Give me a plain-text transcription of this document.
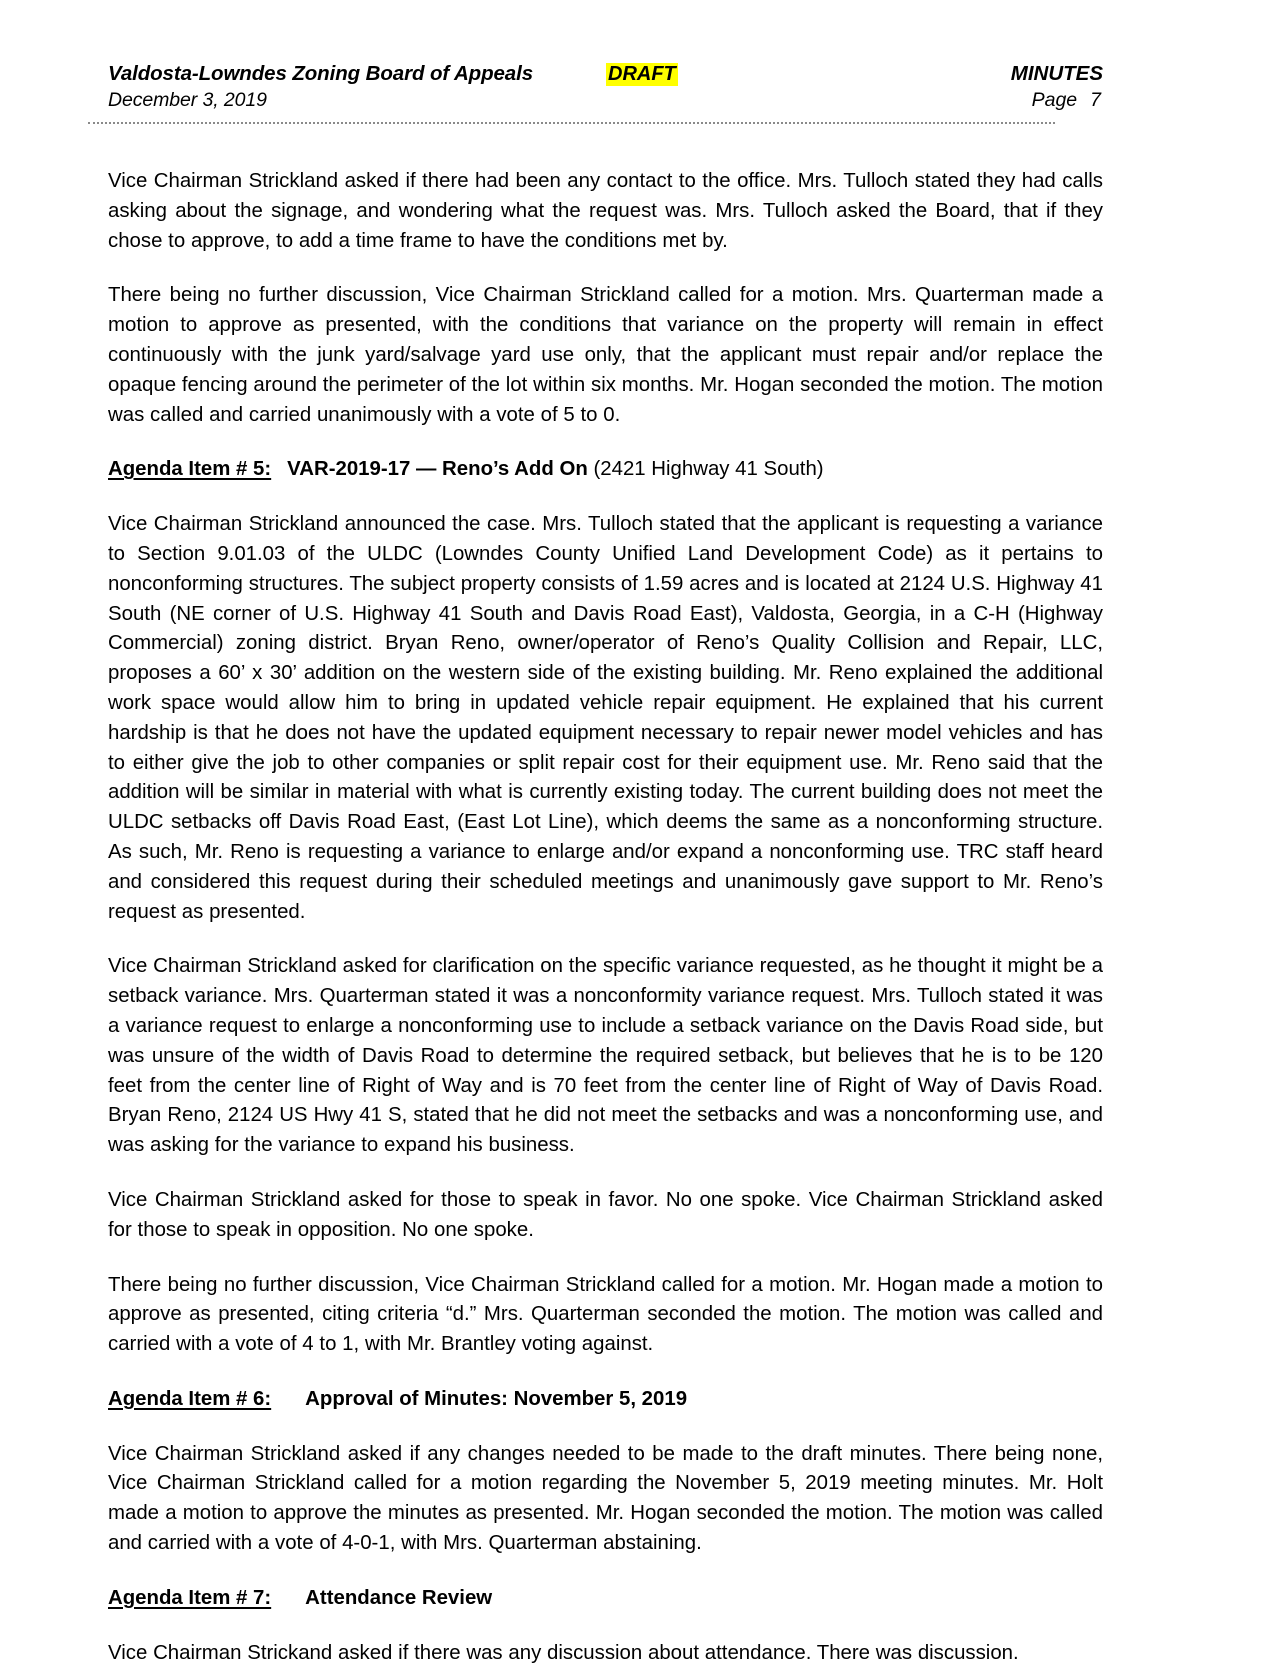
Valdosta-Lowndes Zoning Board of Appeals	DRAFT	MINUTES
December 3, 2019	Page 7

Vice Chairman Strickland asked if there had been any contact to the office. Mrs. Tulloch stated they had calls asking about the signage, and wondering what the request was. Mrs. Tulloch asked the Board, that if they chose to approve, to add a time frame to have the conditions met by.

There being no further discussion, Vice Chairman Strickland called for a motion. Mrs. Quarterman made a motion to approve as presented, with the conditions that variance on the property will remain in effect continuously with the junk yard/salvage yard use only, that the applicant must repair and/or replace the opaque fencing around the perimeter of the lot within six months. Mr. Hogan seconded the motion. The motion was called and carried unanimously with a vote of 5 to 0.

Agenda Item # 5: VAR-2019-17 — Reno’s Add On (2421 Highway 41 South)

Vice Chairman Strickland announced the case. Mrs. Tulloch stated that the applicant is requesting a variance to Section 9.01.03 of the ULDC (Lowndes County Unified Land Development Code) as it pertains to nonconforming structures. The subject property consists of 1.59 acres and is located at 2124 U.S. Highway 41 South (NE corner of U.S. Highway 41 South and Davis Road East), Valdosta, Georgia, in a C-H (Highway Commercial) zoning district. Bryan Reno, owner/operator of Reno’s Quality Collision and Repair, LLC, proposes a 60’ x 30’ addition on the western side of the existing building. Mr. Reno explained the additional work space would allow him to bring in updated vehicle repair equipment. He explained that his current hardship is that he does not have the updated equipment necessary to repair newer model vehicles and has to either give the job to other companies or split repair cost for their equipment use. Mr. Reno said that the addition will be similar in material with what is currently existing today. The current building does not meet the ULDC setbacks off Davis Road East, (East Lot Line), which deems the same as a nonconforming structure. As such, Mr. Reno is requesting a variance to enlarge and/or expand a nonconforming use. TRC staff heard and considered this request during their scheduled meetings and unanimously gave support to Mr. Reno’s request as presented.

Vice Chairman Strickland asked for clarification on the specific variance requested, as he thought it might be a setback variance. Mrs. Quarterman stated it was a nonconformity variance request. Mrs. Tulloch stated it was a variance request to enlarge a nonconforming use to include a setback variance on the Davis Road side, but was unsure of the width of Davis Road to determine the required setback, but believes that he is to be 120 feet from the center line of Right of Way and is 70 feet from the center line of Right of Way of Davis Road. Bryan Reno, 2124 US Hwy 41 S, stated that he did not meet the setbacks and was a nonconforming use, and was asking for the variance to expand his business.

Vice Chairman Strickland asked for those to speak in favor. No one spoke. Vice Chairman Strickland asked for those to speak in opposition. No one spoke.

There being no further discussion, Vice Chairman Strickland called for a motion. Mr. Hogan made a motion to approve as presented, citing criteria “d.” Mrs. Quarterman seconded the motion. The motion was called and carried with a vote of 4 to 1, with Mr. Brantley voting against.

Agenda Item # 6: Approval of Minutes: November 5, 2019

Vice Chairman Strickland asked if any changes needed to be made to the draft minutes. There being none, Vice Chairman Strickland called for a motion regarding the November 5, 2019 meeting minutes. Mr. Holt made a motion to approve the minutes as presented. Mr. Hogan seconded the motion. The motion was called and carried with a vote of 4-0-1, with Mrs. Quarterman abstaining.

Agenda Item # 7: Attendance Review

Vice Chairman Strickand asked if there was any discussion about attendance. There was discussion.
